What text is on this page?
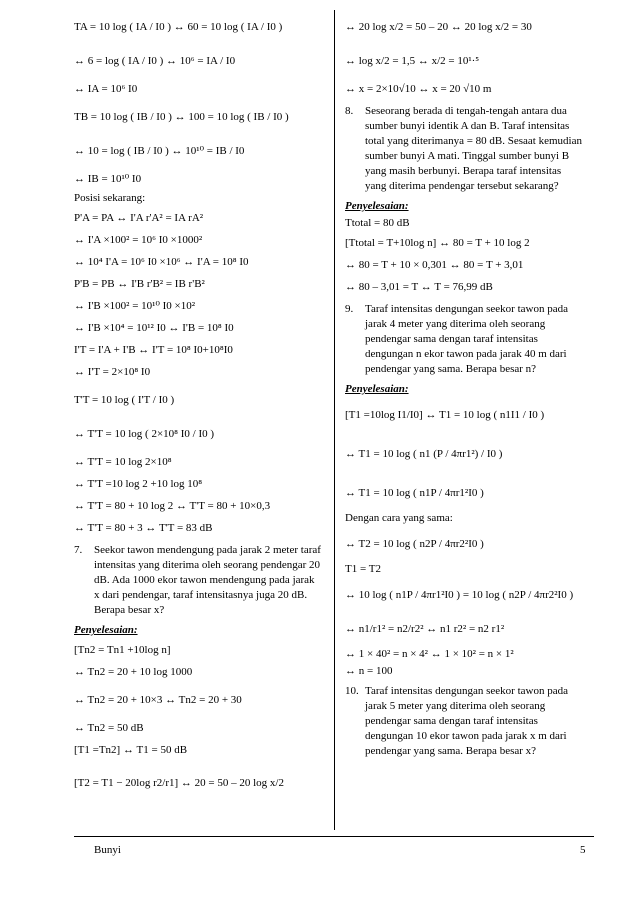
TA = 10 log ( IA / I0 ) ↔ 60 = 10 log ( IA / I0 )
↔ 6 = log ( IA / I0 ) ↔ 10⁶ = IA / I0
↔ IA = 10⁶ I0
TB = 10 log ( IB / I0 ) ↔ 100 = 10 log ( IB / I0 )
↔ 10 = log ( IB / I0 ) ↔ 10¹⁰ = IB / I0
↔ IB = 10¹⁰ I0
Posisi sekarang:
P'A = PA ↔ I'A r'A² = IA rA²
↔ I'A ×100² = 10⁶ I0 ×1000²
↔ 10⁴ I'A = 10⁶ I0 ×10⁶ ↔ I'A = 10⁸ I0
P'B = PB ↔ I'B r'B² = IB r'B²
↔ I'B ×100² = 10¹⁰ I0 ×10²
↔ I'B ×10⁴ = 10¹² I0 ↔ I'B = 10⁸ I0
I'T = I'A + I'B ↔ I'T = 10⁸ I0+10⁸I0
↔ I'T = 2×10⁸ I0
T'T = 10 log ( I'T / I0 )
↔ T'T = 10 log ( 2×10⁸ I0 / I0 )
↔ T'T = 10 log 2×10⁸
↔ T'T =10 log 2 +10 log 10⁸
↔ T'T = 80 + 10 log 2 ↔ T'T = 80 + 10×0,3
↔ T'T = 80 + 3 ↔ T'T = 83 dB
7. Seekor tawon mendengung pada jarak 2 meter taraf intensitas yang diterima oleh seorang pendengar 20 dB. Ada 1000 ekor tawon mendengung pada jarak x dari pendengar, taraf intensitasnya juga 20 dB. Berapa besar x?
Penyelesaian:
[Tn2 = Tn1 +10log n]
↔ Tn2 = 20 + 10 log 1000
↔ Tn2 = 20 + 10×3 ↔ Tn2 = 20 + 30
↔ Tn2 = 50 dB
[T1 =Tn2] ↔ T1 = 50 dB
[T2 = T1 − 20log r2/r1] ↔ 20 = 50 – 20 log x/2
↔ 20 log x/2 = 50 – 20 ↔ 20 log x/2 = 30
↔ log x/2 = 1,5 ↔ x/2 = 10¹·⁵
↔ x = 2×10√10 ↔ x = 20 √10 m
8. Seseorang berada di tengah-tengah antara dua sumber bunyi identik A dan B. Taraf intensitas total yang diterimanya = 80 dB. Sesaat kemudian sumber bunyi A mati. Tinggal sumber bunyi B yang masih berbunyi. Berapa taraf intensitas yang diterima pendengar tersebut sekarang?
Penyelesaian:
Ttotal = 80 dB
[Ttotal = T+10log n] ↔ 80 = T + 10 log 2
↔ 80 = T + 10 × 0,301 ↔ 80 = T + 3,01
↔ 80 – 3,01 = T ↔ T = 76,99 dB
9. Taraf intensitas dengungan seekor tawon pada jarak 4 meter yang diterima oleh seorang pendengar sama dengan taraf intensitas dengungan n ekor tawon pada jarak 40 m dari pendengar yang sama. Berapa besar n?
Penyelesaian:
[T1 =10log I1/I0] ↔ T1 = 10 log ( n1I1 / I0 )
↔ T1 = 10 log ( n1 (P / 4πr1²) / I0 )
↔ T1 = 10 log ( n1P / 4πr1²I0 )
Dengan cara yang sama:
↔ T2 = 10 log ( n2P / 4πr2²I0 )
T1 = T2
↔ 10 log ( n1P / 4πr1²I0 ) = 10 log ( n2P / 4πr2²I0 )
↔ n1/r1² = n2/r2² ↔ n1 r2² = n2 r1²
↔ 1 × 40² = n × 4² ↔ 1 × 10² = n × 1²
↔ n = 100
10. Taraf intensitas dengungan seekor tawon pada jarak 5 meter yang diterima oleh seorang pendengar sama dengan taraf intensitas dengungan 10 ekor tawon pada jarak x m dari pendengar yang sama. Berapa besar x?
Bunyi	5
